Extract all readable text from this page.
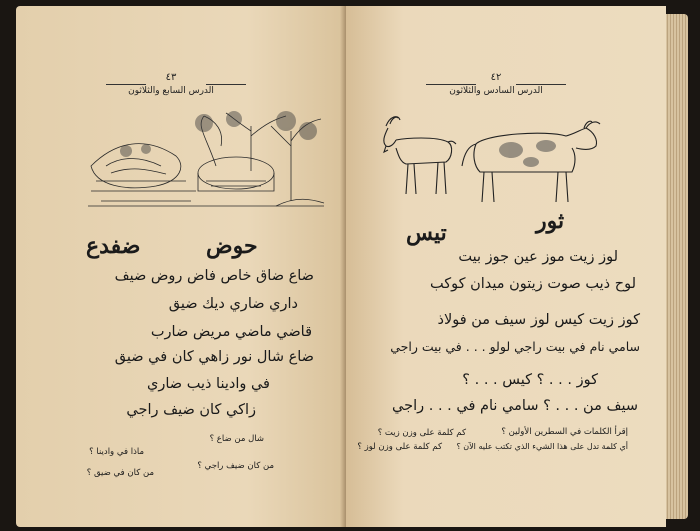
٤٣
الدرس السابع والثلاثون
حوض
ضفدع
ضاع ضاق خاص فاض روض ضيف
داري ضاري ديك ضيق
قاضي ماضي مريض ضارب
ضاع شال نور زاهي كان في ضيق
في وادينا ذيب ضاري
زاكي كان ضيف راجي
شال من ضاع ؟
ماذا في وادينا ؟
من كان ضيف راجي ؟
من كان في ضيق ؟
٤٢
الدرس السادس والثلاثون
ثور
تيس
لوز زيت موز عين جوز بيت
لوح ذيب صوت زيتون ميدان كوكب
كوز زيت كيس لوز سيف من فولاذ
سامي نام في بيت راجي لولو . . . في بيت راجي
كوز . . . ؟ كيس . . . ؟
سيف من . . . ؟ سامي نام في . . . راجي
إقرأ الكلمات في السطرين الأولين ؟
كم كلمة على وزن زيت ؟
كم كلمة على وزن لوز ؟ أي كلمة تدل على هذا الشيء الذي تكتب عليه الآن ؟
